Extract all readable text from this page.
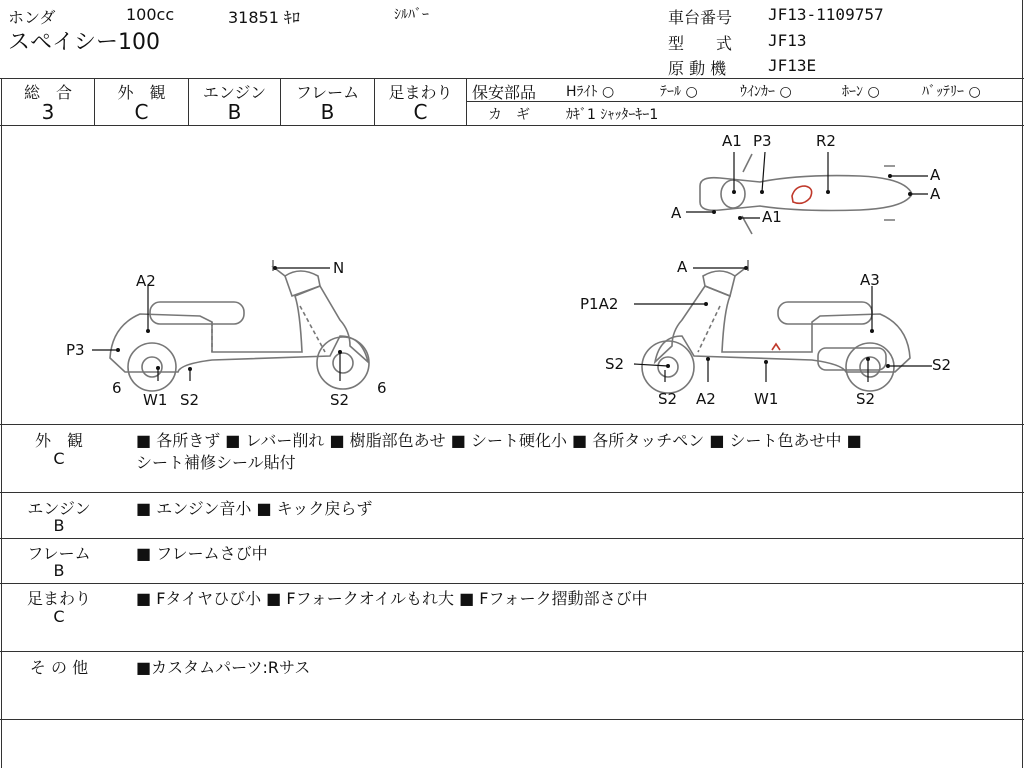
ホンダ	100cc	31851 ｷﾛ	ｼﾙﾊﾞｰ
スペイシー100
車台番号 JF13-1109757
型　　式 JF13
原 動 機	JF13E
総　合
3
外　観
C
エンジン
B
フレーム
B
足まわり
C
保安部品 Hﾗｲﾄ ○	ﾃｰﾙ ○	ｳｲﾝｶｰ ○	ﾎｰﾝ ○	ﾊﾞｯﾃﾘｰ ○
カ　ギ	ｶｷﾞ1 ｼｬｯﾀｰｷｰ1
A1 P3	R2
A
A
A	A1
N
A2
P3
6	6
W1 S2	S2
A
P1A2
A3
S2	S2
S2 A2	W1	S2
外　観
C
■ 各所きず ■ レバー削れ ■ 樹脂部色あせ ■ シート硬化小 ■ 各所タッチペン ■ シート色あせ中 ■
シート補修シール貼付
エンジン
B
■ エンジン音小 ■ キック戻らず
フレーム
B
■ フレームさび中
足まわり
C
■ Fタイヤひび小 ■ Fフォークオイルもれ大 ■ Fフォーク摺動部さび中
そ の 他	■カスタムパーツ:Rサス
